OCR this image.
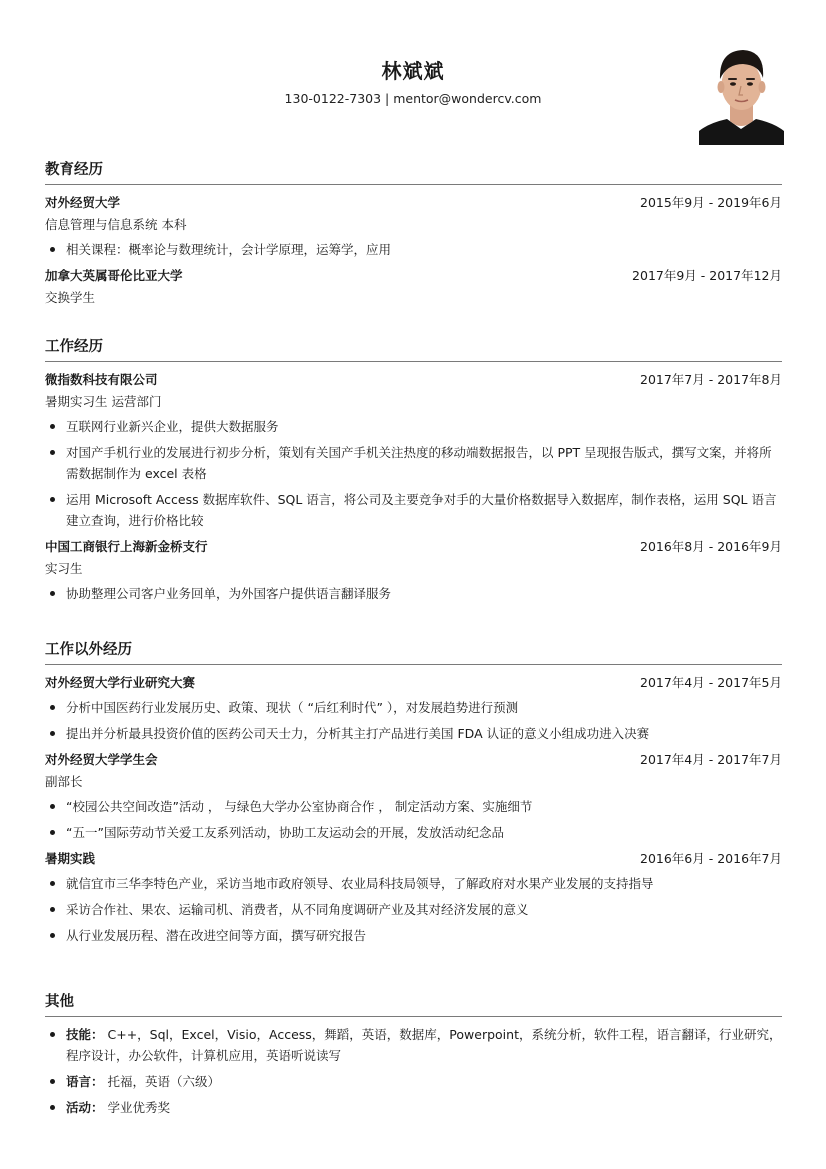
林斌斌
130-0122-7303 | mentor@wondercv.com
教育经历
对外经贸大学	2015年9月 - 2019年6月
信息管理与信息系统 本科
相关课程：概率论与数理统计，会计学原理，运筹学，应用
加拿大英属哥伦比亚大学	2017年9月 - 2017年12月
交换学生
工作经历
微指数科技有限公司	2017年7月 - 2017年8月
暑期实习生 运营部门
互联网行业新兴企业，提供大数据服务
对国产手机行业的发展进行初步分析，策划有关国产手机关注热度的移动端数据报告，以 PPT 呈现报告版式，撰写文案，并将所需数据制作为 excel 表格
运用 Microsoft Access 数据库软件、SQL 语言，将公司及主要竞争对手的大量价格数据导入数据库，制作表格，运用 SQL 语言建立查询，进行价格比较
中国工商银行上海新金桥支行	2016年8月 - 2016年9月
实习生
协助整理公司客户业务回单，为外国客户提供语言翻译服务
工作以外经历
对外经贸大学行业研究大赛	2017年4月 - 2017年5月
分析中国医药行业发展历史、政策、现状（ “后红利时代” ），对发展趋势进行预测
提出并分析最具投资价值的医药公司天士力，分析其主打产品进行美国 FDA 认证的意义小组成功进入决赛
对外经贸大学学生会	2017年4月 - 2017年7月
副部长
“校园公共空间改造”活动 ， 与绿色大学办公室协商合作 ， 制定活动方案、实施细节
“五一”国际劳动节关爱工友系列活动，协助工友运动会的开展，发放活动纪念品
暑期实践	2016年6月 - 2016年7月
就信宜市三华李特色产业，采访当地市政府领导、农业局科技局领导，了解政府对水果产业发展的支持指导
采访合作社、果农、运输司机、消费者，从不同角度调研产业及其对经济发展的意义
从行业发展历程、潜在改进空间等方面，撰写研究报告
其他
技能： C++，Sql，Excel，Visio，Access，舞蹈，英语，数据库，Powerpoint，系统分析，软件工程，语言翻译，行业研究，程序设计，办公软件，计算机应用，英语听说读写
语言： 托福，英语（六级）
活动： 学业优秀奖
